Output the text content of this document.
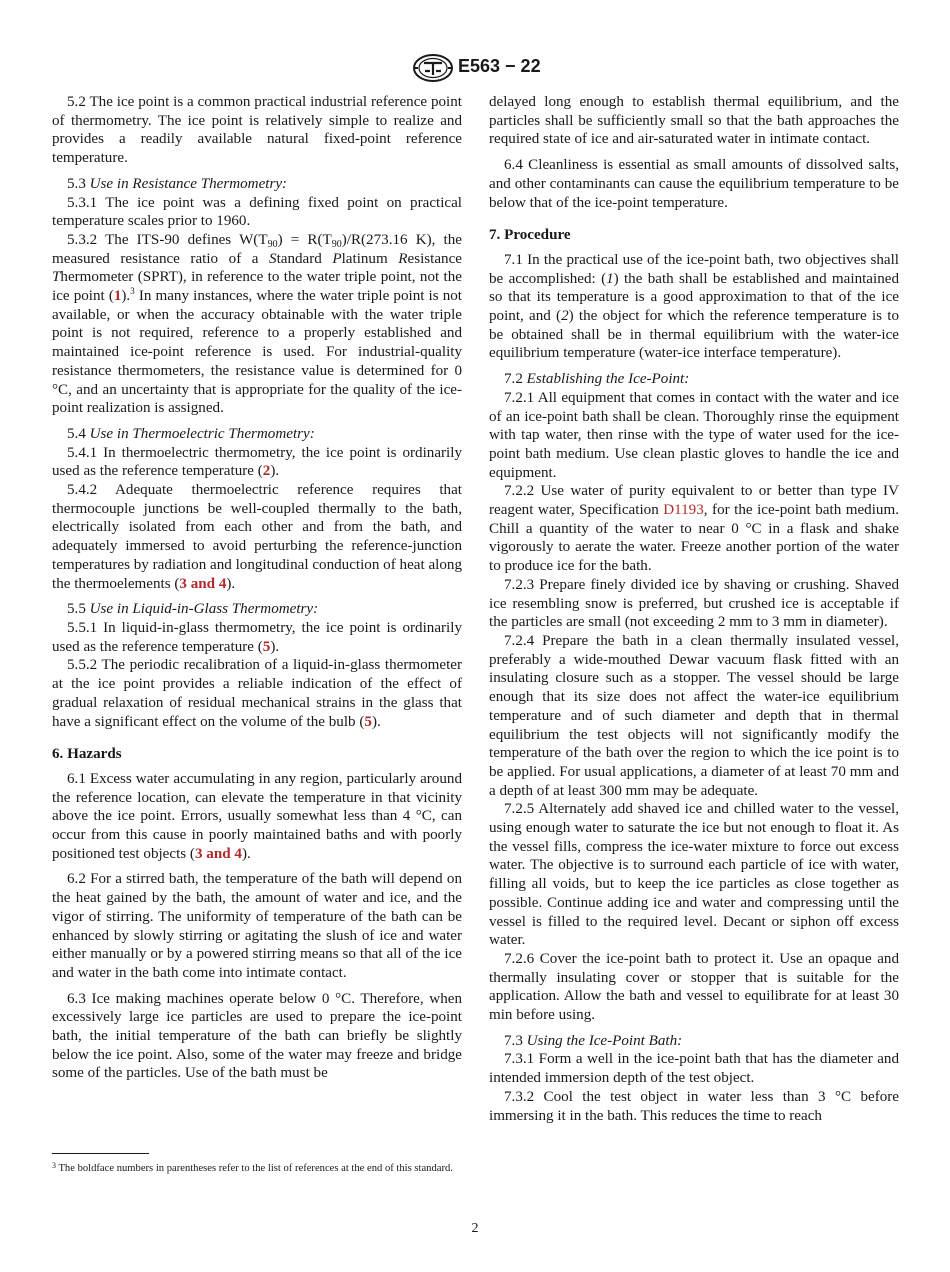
E563 − 22

5.2 The ice point is a common practical industrial reference point of thermometry. The ice point is relatively simple to realize and provides a readily available natural fixed-point reference temperature.

5.3 Use in Resistance Thermometry:

5.3.1 The ice point was a defining fixed point on practical temperature scales prior to 1960.

5.3.2 The ITS-90 defines $W(T_{90}) = R(T_{90})/R(273.16$ K), the measured resistance ratio of a Standard Platinum Resistance Thermometer (SPRT), in reference to the water triple point, not the ice point (1).$^3$ In many instances, where the water triple point is not available, or when the accuracy obtainable with the water triple point is not required, reference to a properly established and maintained ice-point reference is used. For industrial-quality resistance thermometers, the resistance value is determined for 0 °C, and an uncertainty that is appropriate for the quality of the ice-point realization is assigned.

5.4 Use in Thermoelectric Thermometry:

5.4.1 In thermoelectric thermometry, the ice point is ordinarily used as the reference temperature (2).

5.4.2 Adequate thermoelectric reference requires that thermocouple junctions be well-coupled thermally to the bath, electrically isolated from each other and from the bath, and adequately immersed to avoid perturbing the reference-junction temperatures by radiation and longitudinal conduction of heat along the thermoelements (3 and 4).

5.5 Use in Liquid-in-Glass Thermometry:

5.5.1 In liquid-in-glass thermometry, the ice point is ordinarily used as the reference temperature (5).

5.5.2 The periodic recalibration of a liquid-in-glass thermometer at the ice point provides a reliable indication of the effect of gradual relaxation of residual mechanical strains in the glass that have a significant effect on the volume of the bulb (5).

6. Hazards

6.1 Excess water accumulating in any region, particularly around the reference location, can elevate the temperature in that vicinity above the ice point. Errors, usually somewhat less than 4 °C, can occur from this cause in poorly maintained baths and with poorly positioned test objects (3 and 4).

6.2 For a stirred bath, the temperature of the bath will depend on the heat gained by the bath, the amount of water and ice, and the vigor of stirring. The uniformity of temperature of the bath can be enhanced by slowly stirring or agitating the slush of ice and water either manually or by a powered stirring means so that all of the ice and water in the bath come into intimate contact.

6.3 Ice making machines operate below 0 °C. Therefore, when excessively large ice particles are used to prepare the ice-point bath, the initial temperature of the bath can briefly be slightly below the ice point. Also, some of the water may freeze and bridge some of the particles. Use of the bath must be

delayed long enough to establish thermal equilibrium, and the particles shall be sufficiently small so that the bath approaches the required state of ice and air-saturated water in intimate contact.

6.4 Cleanliness is essential as small amounts of dissolved salts, and other contaminants can cause the equilibrium temperature to be below that of the ice-point temperature.

7. Procedure

7.1 In the practical use of the ice-point bath, two objectives shall be accomplished: (1) the bath shall be established and maintained so that its temperature is a good approximation to that of the ice point, and (2) the object for which the reference temperature is to be obtained shall be in thermal equilibrium with the water-ice equilibrium temperature (water-ice interface temperature).

7.2 Establishing the Ice-Point:

7.2.1 All equipment that comes in contact with the water and ice of an ice-point bath shall be clean. Thoroughly rinse the equipment with tap water, then rinse with the type of water used for the ice-point bath medium. Use clean plastic gloves to handle the ice and equipment.

7.2.2 Use water of purity equivalent to or better than type IV reagent water, Specification D1193, for the ice-point bath medium. Chill a quantity of the water to near 0 °C in a flask and shake vigorously to aerate the water. Freeze another portion of the water to produce ice for the bath.

7.2.3 Prepare finely divided ice by shaving or crushing. Shaved ice resembling snow is preferred, but crushed ice is acceptable if the particles are small (not exceeding 2 mm to 3 mm in diameter).

7.2.4 Prepare the bath in a clean thermally insulated vessel, preferably a wide-mouthed Dewar vacuum flask fitted with an insulating closure such as a stopper. The vessel should be large enough that its size does not affect the water-ice equilibrium temperature and of such diameter and depth that in thermal equilibrium the test objects will not significantly modify the temperature of the bath over the region to which the ice point is to be applied. For usual applications, a diameter of at least 70 mm and a depth of at least 300 mm may be adequate.

7.2.5 Alternately add shaved ice and chilled water to the vessel, using enough water to saturate the ice but not enough to float it. As the vessel fills, compress the ice-water mixture to force out excess water. The objective is to surround each particle of ice with water, filling all voids, but to keep the ice particles as close together as possible. Continue adding ice and water and compressing until the vessel is filled to the required level. Decant or siphon off excess water.

7.2.6 Cover the ice-point bath to protect it. Use an opaque and thermally insulating cover or stopper that is suitable for the application. Allow the bath and vessel to equilibrate for at least 30 min before using.

7.3 Using the Ice-Point Bath:

7.3.1 Form a well in the ice-point bath that has the diameter and intended immersion depth of the test object.

7.3.2 Cool the test object in water less than 3 °C before immersing it in the bath. This reduces the time to reach

$^3$ The boldface numbers in parentheses refer to the list of references at the end of this standard.
2
